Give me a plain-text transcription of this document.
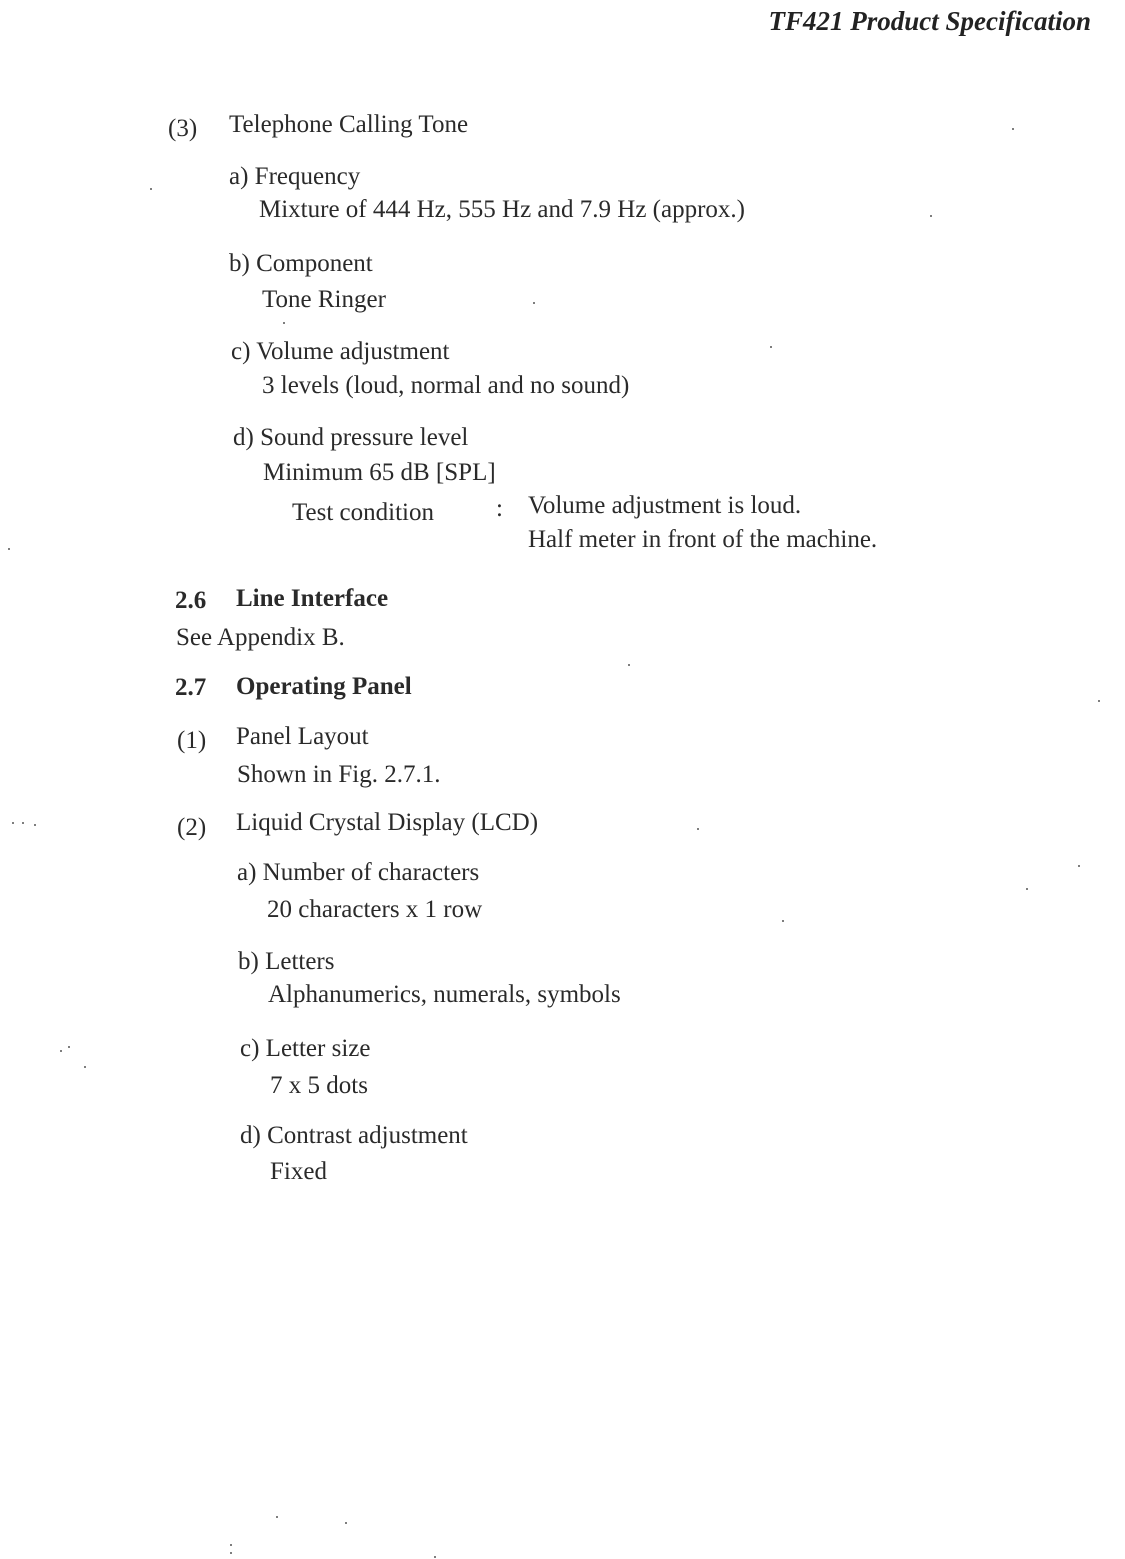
TF421 Product Specification
(3) Telephone Calling Tone
a) Frequency
Mixture of 444 Hz, 555 Hz and 7.9 Hz (approx.)
b) Component
Tone Ringer
c) Volume adjustment
3 levels (loud, normal and no sound)
d) Sound pressure level
Minimum 65 dB [SPL]
Test condition : Volume adjustment is loud.
Half meter in front of the machine.
2.6 Line Interface
See Appendix B.
2.7 Operating Panel
(1) Panel Layout
Shown in Fig. 2.7.1.
(2) Liquid Crystal Display (LCD)
a) Number of characters
20 characters x 1 row
b) Letters
Alphanumerics, numerals, symbols
c) Letter size
7 x 5 dots
d) Contrast adjustment
Fixed
